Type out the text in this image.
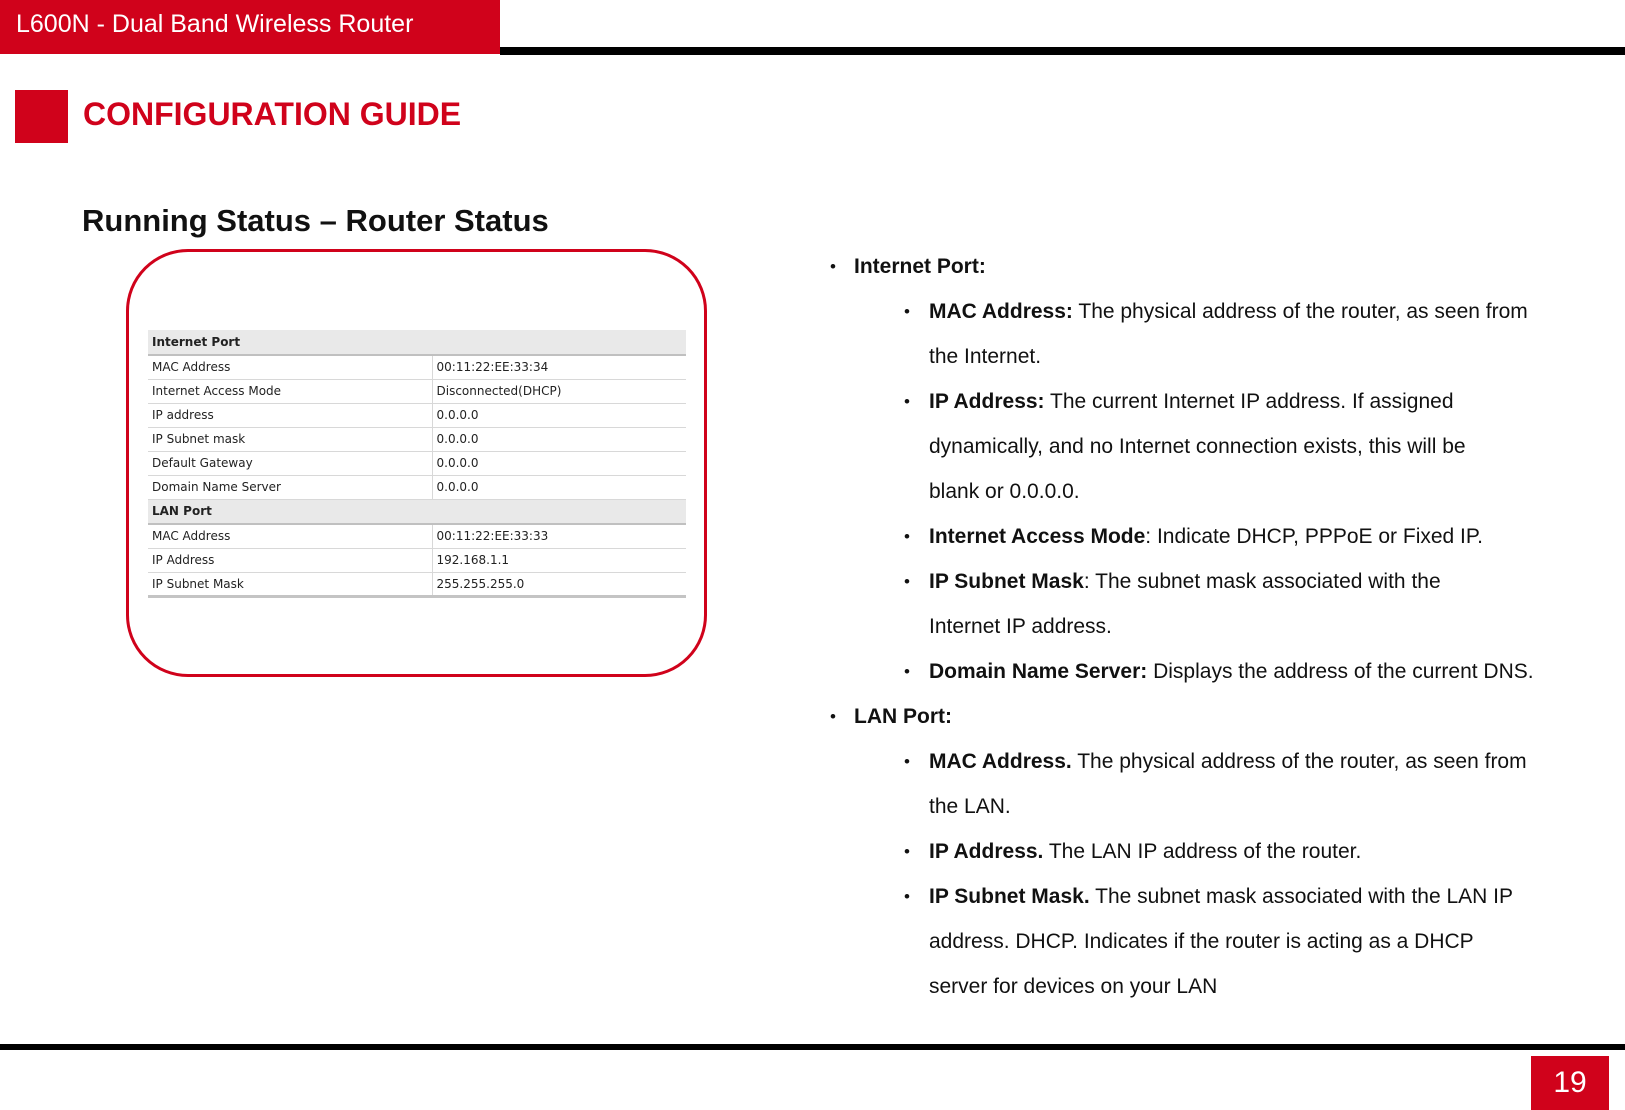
L600N - Dual Band Wireless Router
CONFIGURATION GUIDE
Running Status – Router Status
Internet Port	
MAC Address	00:11:22:EE:33:34
Internet Access Mode	Disconnected(DHCP)
IP address	0.0.0.0
IP Subnet mask	0.0.0.0
Default Gateway	0.0.0.0
Domain Name Server	0.0.0.0
LAN Port	
MAC Address	00:11:22:EE:33:33
IP Address	192.168.1.1
IP Subnet Mask	255.255.255.0
• Internet Port:
• MAC Address: The physical address of the router, as seen from
the Internet.
• IP Address: The current Internet IP address. If assigned
dynamically, and no Internet connection exists, this will be
blank or 0.0.0.0.
• Internet Access Mode: Indicate DHCP, PPPoE or Fixed IP.
• IP Subnet Mask: The subnet mask associated with the
Internet IP address.
• Domain Name Server: Displays the address of the current DNS.
• LAN Port:
• MAC Address. The physical address of the router, as seen from
the LAN.
• IP Address. The LAN IP address of the router.
• IP Subnet Mask. The subnet mask associated with the LAN IP
address. DHCP. Indicates if the router is acting as a DHCP
server for devices on your LAN
19
